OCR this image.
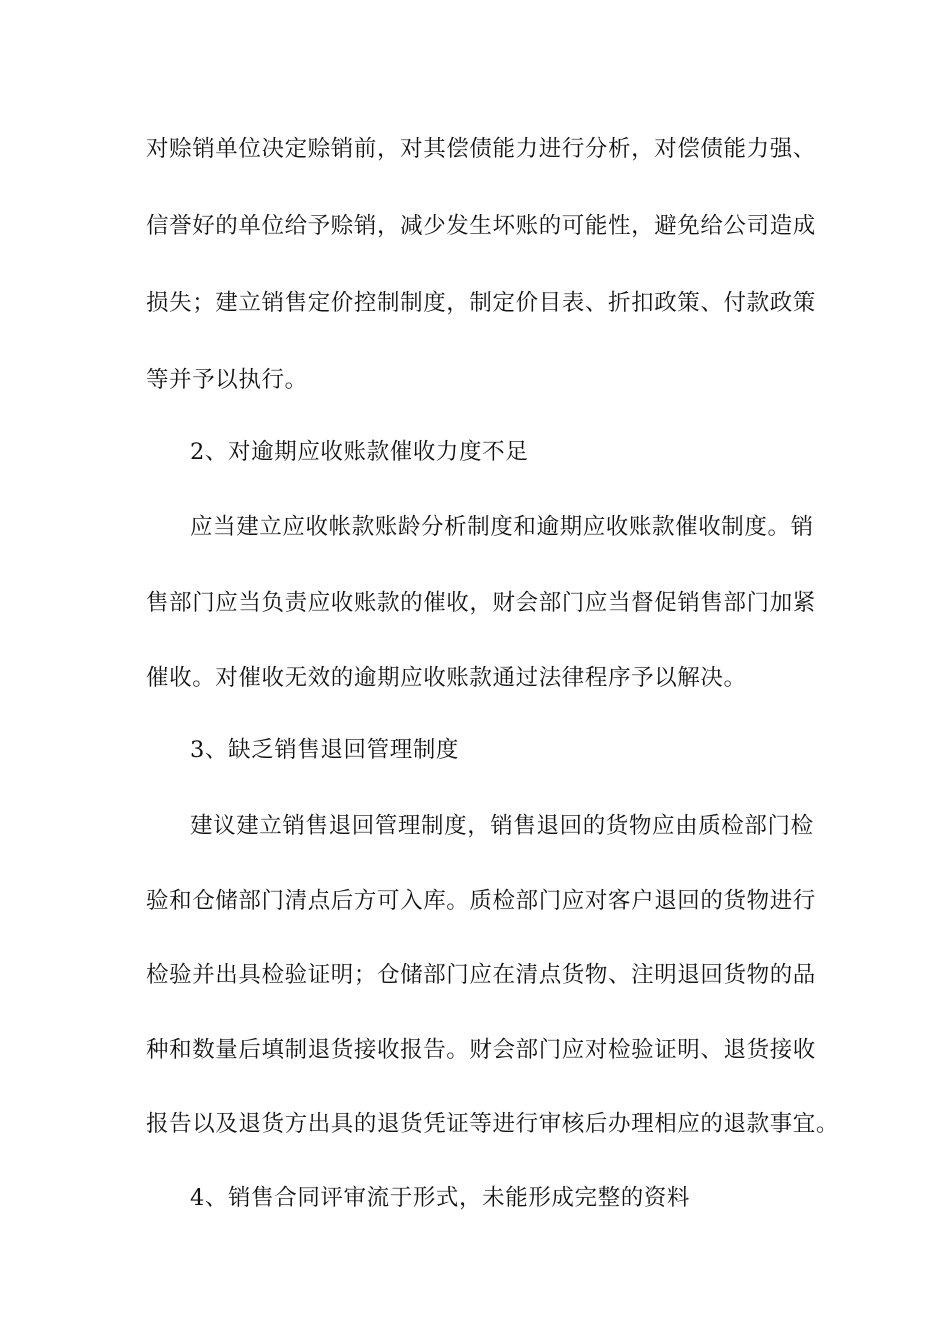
对赊销单位决定赊销前，对其偿债能力进行分析，对偿债能力强、
信誉好的单位给予赊销，减少发生坏账的可能性，避免给公司造成
损失；建立销售定价控制制度，制定价目表、折扣政策、付款政策
等并予以执行。
2、对逾期应收账款催收力度不足
应当建立应收帐款账龄分析制度和逾期应收账款催收制度。销
售部门应当负责应收账款的催收，财会部门应当督促销售部门加紧
催收。对催收无效的逾期应收账款通过法律程序予以解决。
3、缺乏销售退回管理制度
建议建立销售退回管理制度，销售退回的货物应由质检部门检
验和仓储部门清点后方可入库。质检部门应对客户退回的货物进行
检验并出具检验证明；仓储部门应在清点货物、注明退回货物的品
种和数量后填制退货接收报告。财会部门应对检验证明、退货接收
报告以及退货方出具的退货凭证等进行审核后办理相应的退款事宜。
4、销售合同评审流于形式，未能形成完整的资料
